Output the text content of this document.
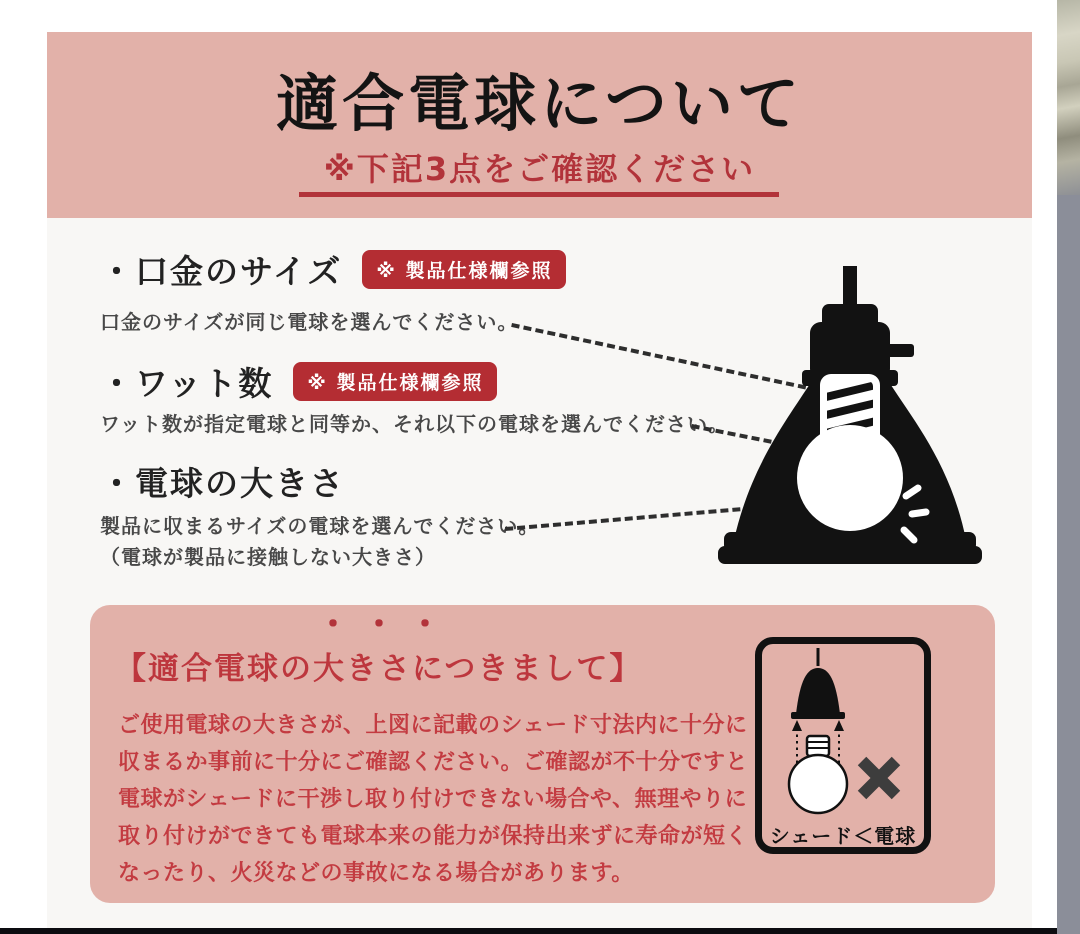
適合電球について
※下記3点をご確認ください
・口金のサイズ	※ 製品仕様欄参照
口金のサイズが同じ電球を選んでください。
・ワット数	※ 製品仕様欄参照
ワット数が指定電球と同等か、それ以下の電球を選んでください。
・電球の大きさ
製品に収まるサイズの電球を選んでください。
（電球が製品に接触しない大きさ）
・・・
【適合電球の大きさにつきまして】
ご使用電球の大きさが、上図に記載のシェード寸法内に十分に
収まるか事前に十分にご確認ください。ご確認が不十分ですと
電球がシェードに干渉し取り付けできない場合や、無理やりに
取り付けができても電球本来の能力が保持出来ずに寿命が短く
なったり、火災などの事故になる場合があります。
シェード＜電球
